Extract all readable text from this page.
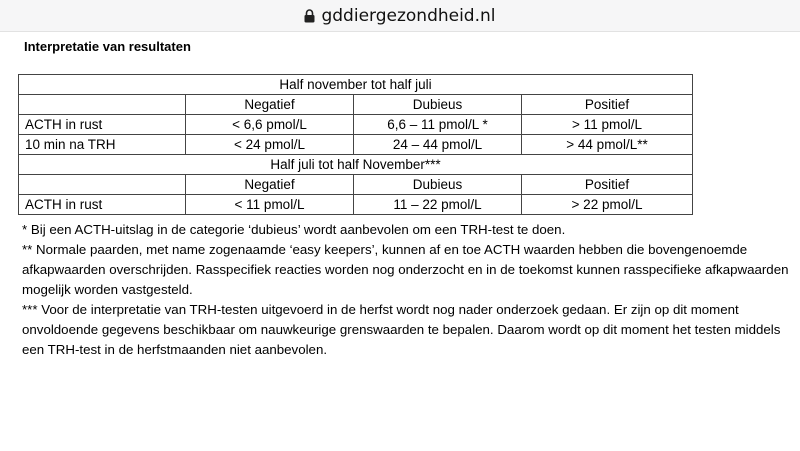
gddiergezondheid.nl
Interpretatie van resultaten
Half november tot half juli			
	Negatief	Dubieus	Positief
ACTH in rust	< 6,6 pmol/L	6,6 – 11 pmol/L *	> 11 pmol/L
10 min na TRH	< 24 pmol/L	24 – 44 pmol/L	> 44 pmol/L**
Half juli tot half November***			
	Negatief	Dubieus	Positief
ACTH in rust	< 11 pmol/L	11 – 22 pmol/L	> 22 pmol/L

* Bij een ACTH-uitslag in de categorie ‘dubieus’ wordt aanbevolen om een TRH-test te doen.

** Normale paarden, met name zogenaamde ‘easy keepers’, kunnen af en toe ACTH waarden hebben die bovengenoemde afkapwaarden overschrijden. Rasspecifiek reacties worden nog onderzocht en in de toekomst kunnen rasspecifieke afkapwaarden mogelijk worden vastgesteld.

*** Voor de interpretatie van TRH-testen uitgevoerd in de herfst wordt nog nader onderzoek gedaan. Er zijn op dit moment onvoldoende gegevens beschikbaar om nauwkeurige grenswaarden te bepalen. Daarom wordt op dit moment het testen middels een TRH-test in de herfstmaanden niet aanbevolen.
